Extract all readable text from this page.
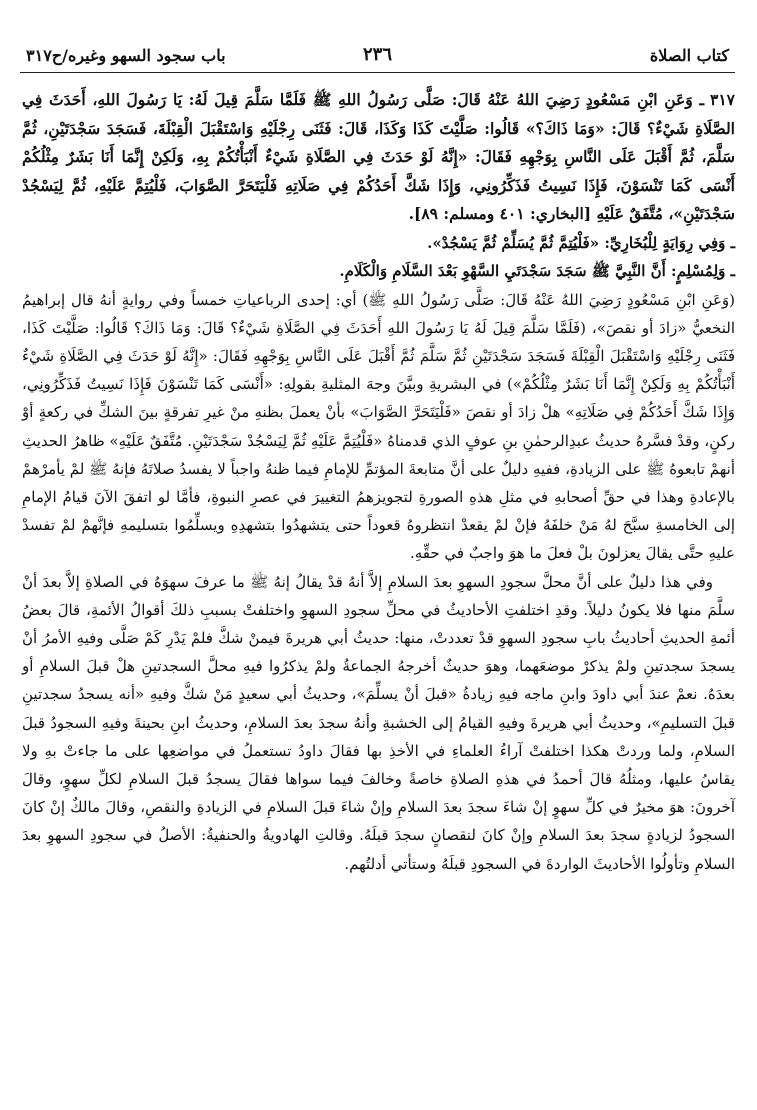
كتاب الصلاة
٢٣٦
باب سجود السهو وغيره/ح٣١٧

٣١٧ـ وَعَنِ ابْنِ مَسْعُودٍ رَضِيَ اللهُ عَنْهُ قَالَ: صَلَّى رَسُولُ اللهِ ﷺ فَلَمَّا سَلَّمَ قِيلَ لَهُ: يَا رَسُولَ اللهِ، أَحَدَثَ فِي الصَّلَاةِ شَيْءٌ؟ قَالَ: «وَمَا ذَاكَ؟» قَالُوا: صَلَّيْتَ كَذَا وَكَذَا، قَالَ: فَثَنَى رِجْلَيْهِ وَاسْتَقْبَلَ الْقِبْلَةَ، فَسَجَدَ سَجْدَتَيْنِ، ثُمَّ سَلَّمَ، ثُمَّ أَقْبَلَ عَلَى النَّاسِ بِوَجْهِهِ فَقَالَ: «إِنَّهُ لَوْ حَدَثَ فِي الصَّلَاةِ شَيْءٌ أَنْبَأْتُكُمْ بِهِ، وَلَكِنْ إِنَّمَا أَنَا بَشَرٌ مِثْلُكُمْ أَنْسَى كَمَا تَنْسَوْنَ، فَإِذَا نَسِيتُ فَذَكِّرُونِي، وَإِذَا شَكَّ أَحَدُكُمْ فِي صَلَاتِهِ فَلْيَتَحَرَّ الصَّوَابَ، فَلْيُتِمَّ عَلَيْهِ، ثُمَّ لِيَسْجُدْ سَجْدَتَيْنِ»، مُتَّفَقٌ عَلَيْهِ [البخاري: ٤٠١ ومسلم: ٨٩].

ـ وَفِي رِوَايَةٍ لِلْبُخَارِيِّ: «فَلْيُتِمَّ ثُمَّ يُسَلِّمْ ثُمَّ يَسْجُدْ».

ـ وَلِمُسْلِمٍ: أَنَّ النَّبِيَّ ﷺ سَجَدَ سَجْدَتَيِ السَّهْوِ بَعْدَ السَّلَامِ وَالْكَلَامِ.

(وَعَنِ ابْنِ مَسْعُودٍ رَضِيَ اللهُ عَنْهُ قَالَ: صَلَّى رَسُولُ اللهِ ﷺ) أي: إحدى الرباعياتِ خمساً وفي روايةٍ أنهُ قال إبراهيمُ النخعيُّ «زادَ أو نقصَ»، (فَلَمَّا سَلَّمَ قِيلَ لَهُ يَا رَسُولَ اللهِ أَحَدَثَ فِي الصَّلَاةِ شَيْءٌ؟ قَالَ: وَمَا ذَاكَ؟ قَالُوا: صَلَّيْتَ كَذَا، فَثَنَى رِجْلَيْهِ وَاسْتَقْبَلَ الْقِبْلَةَ فَسَجَدَ سَجْدَتَيْنِ ثُمَّ سَلَّمَ ثُمَّ أَقْبَلَ عَلَى النَّاسِ بِوَجْهِهِ فَقَالَ: «إِنَّهُ لَوْ حَدَثَ فِي الصَّلَاةِ شَيْءٌ أَنْبَأْتُكُمْ بِهِ وَلَكِنْ إِنَّمَا أَنَا بَشَرٌ مِثْلُكُمْ») في البشريةِ وبيَّنَ وجهَ المثليةِ بقولِهِ: «أَنْسَى كَمَا تَنْسَوْنَ فَإِذَا نَسِيتُ فَذَكِّرُونِي، وَإِذَا شَكَّ أَحَدُكُمْ فِي صَلَاتِهِ» هلْ زادَ أو نقصَ «فَلْيَتَحَرَّ الصَّوَابَ» بأنْ يعملَ بظنهِ منْ غيرِ تفرقةٍ بينَ الشكِّ في ركعةٍ أوْ ركنٍ، وقدْ فسَّرهُ حديثُ عبدِالرحمٰنِ بنِ عوفٍ الذي قدمناهُ «فَلْيُتِمَّ عَلَيْهِ ثُمَّ لِيَسْجُدْ سَجْدَتَيْنِ. مُتَّفَقٌ عَلَيْهِ» ظاهرُ الحديثِ أنهمْ تابعوهُ ﷺ على الزيادةِ، ففيهِ دليلٌ على أنَّ متابعةَ المؤتمِّ للإمامِ فيما ظنهُ واجباً لا يفسدُ صلاتَهُ فإنهُ ﷺ لمْ يأمرْهمْ بالإعادةِ وهذا في حقِّ أصحابهِ في مثلِ هذهِ الصورةِ لتجويزهمُ التغييرَ في عصرِ النبوةِ، فأمَّا لو اتفقَ الآنَ قيامُ الإمامِ إلى الخامسةِ سبَّحَ لهُ مَنْ خلفَهُ فإنْ لمْ يقعدْ انتظروهُ قعوداً حتى يتشهدُوا بتشهدِهِ ويسلِّمُوا بتسليمهِ فإنَّهمْ لمْ تفسدْ عليهِ حتَّى يقالَ يعزلونَ بلْ فعلَ ما هوَ واجبٌ في حقِّهِ.

وفي هذا دليلٌ على أنَّ محلَّ سجودِ السهوِ بعدَ السلامِ إلاَّ أنهُ قدْ يقالُ إنهُ ﷺ ما عرفَ سهوَهُ في الصلاةِ إلاَّ بعدَ أنْ سلَّمَ منها فلا يكونُ دليلاً. وقدِ اختلفتِ الأحاديثُ في محلِّ سجودِ السهوِ واختلفتْ بسببِ ذلكَ أقوالُ الأئمةِ، قالَ بعضُ أئمةِ الحديثِ أحاديثُ بابِ سجودِ السهوِ قدْ تعددتْ، منها: حديثُ أبي هريرةَ فيمنْ شكَّ فلمْ يَدْرِ كَمْ صَلَّى وفيهِ الأمرُ أنْ يسجدَ سجدتينِ ولمْ يذكرْ موضعَهما، وهوَ حديثٌ أخرجهُ الجماعةُ ولمْ يذكرُوا فيهِ محلَّ السجدتينِ هلْ قبلَ السلامِ أو بعدَهُ. نعمْ عندَ أبي داودَ وابنِ ماجه فيهِ زيادةُ «قبلَ أنْ يسلِّمَ»، وحديثُ أبي سعيدٍ مَنْ شكَّ وفيهِ «أنه يسجدُ سجدتينِ قبلَ التسليمِ»، وحديثُ أبي هريرةَ وفيهِ القيامُ إلى الخشبةِ وأنهُ سجدَ بعدَ السلامِ، وحديثُ ابنِ بحينةَ وفيهِ السجودُ قبلَ السلامِ، ولما وردتْ هكذا اختلفتْ آراءُ العلماءِ في الأخذِ بها فقالَ داودُ تستعملُ في مواضعِها على ما جاءتْ بهِ ولا يقاسُ عليها، ومثلُهُ قالَ أحمدُ في هذهِ الصلاةِ خاصةً وخالفَ فيما سواها فقالَ يسجدُ قبلَ السلامِ لكلِّ سهوٍ، وقالَ آخرونَ: هوَ مخيرٌ في كلِّ سهوٍ إنْ شاءَ سجدَ بعدَ السلامِ وإنْ شاءَ قبلَ السلامِ في الزيادةِ والنقصِ، وقالَ مالكٌ إنْ كانَ السجودُ لزيادةٍ سجدَ بعدَ السلامِ وإنْ كانَ لنقصانٍ سجدَ قبلَهُ. وقالتِ الهادويةُ والحنفيةُ: الأصلُ في سجودِ السهوِ بعدَ السلامِ وتأولُوا الأحاديثَ الواردةَ في السجودِ قبلَهُ وستأتي أدلتُهم.
